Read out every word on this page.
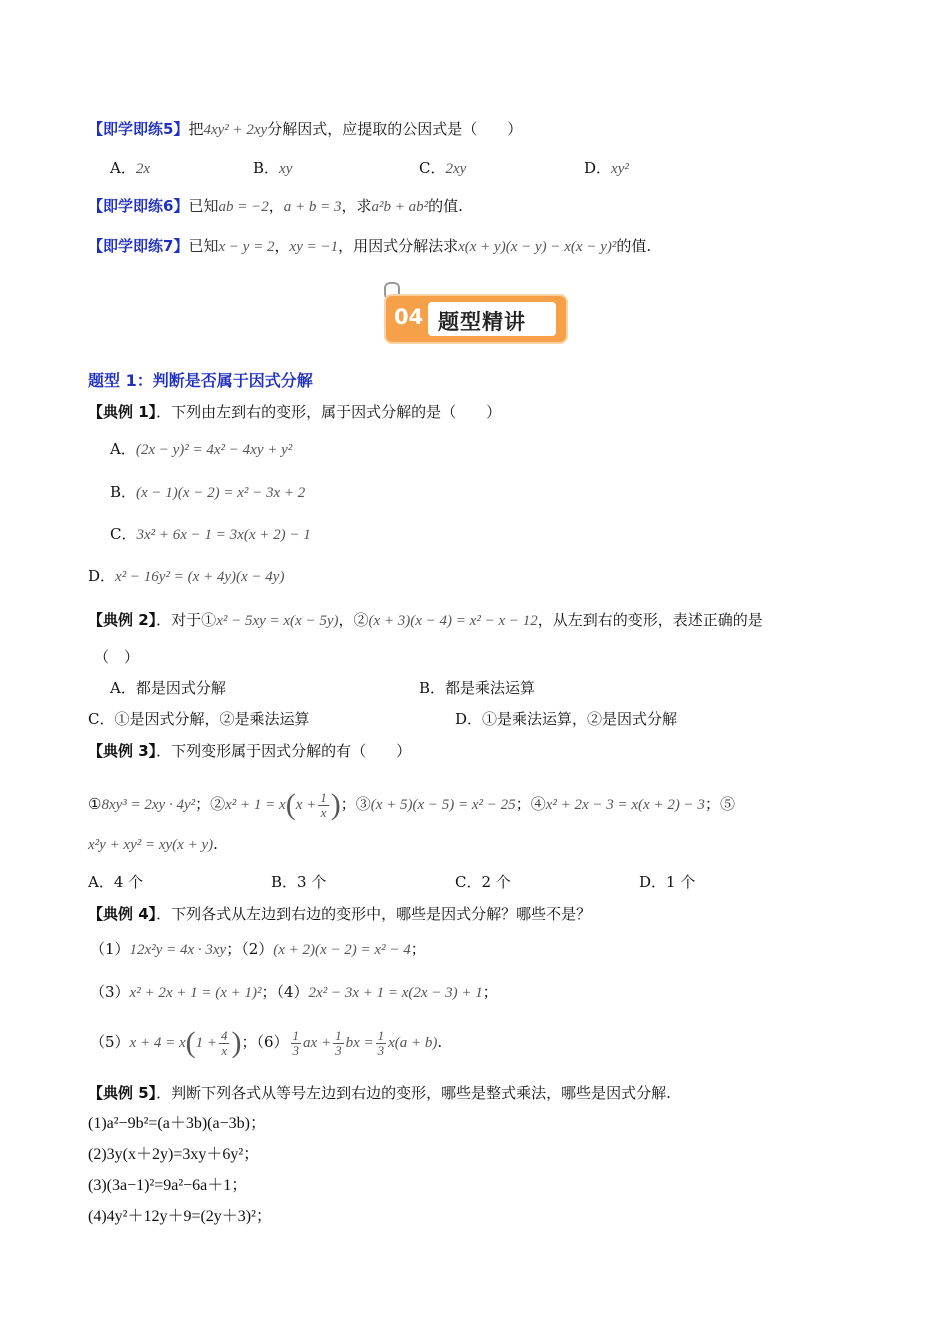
【即学即练5】把4xy² + 2xy分解因式，应提取的公因式是（　　）
A．2x	B．xy	C．2xy	D．xy²
【即学即练6】已知ab = −2，a + b = 3，求a²b + ab²的值.
【即学即练7】已知x − y = 2，xy = −1，用因式分解法求x(x + y)(x − y) − x(x − y)²的值.
04 题型精讲
题型 1：判断是否属于因式分解
【典例 1】．下列由左到右的变形，属于因式分解的是（　　）
A．(2x − y)² = 4x² − 4xy + y²
B．(x − 1)(x − 2) = x² − 3x + 2
C．3x² + 6x − 1 = 3x(x + 2) − 1
D．x² − 16y² = (x + 4y)(x − 4y)
【典例 2】．对于①x² − 5xy = x(x − 5y)，②(x + 3)(x − 4) = x² − x − 12，从左到右的变形，表述正确的是
（　）
A．都是因式分解	B．都是乘法运算
C．①是因式分解，②是乘法运算	D．①是乘法运算，②是因式分解
【典例 3】．下列变形属于因式分解的有（　　）
①8xy³ = 2xy · 4y²；②x² + $1 = x(x + \frac{1}{x}$ )；③(x + 5)(x − 5) = x² − 25；④x² + 2x − 3 = x(x + 2) − 3；⑤
x²y + xy² = xy(x + y).
A．4 个	B．3 个	C．2 个	D．1 个
【典例 4】．下列各式从左边到右边的变形中，哪些是因式分解？哪些不是？
（1）12x²y = 4x · 3xy；（2）(x + 2)(x − 2) = x² − 4；
（3）x² + 2x + 1 = (x + 1)²；（4）2x² − 3x + 1 = x(2x − 3) + 1；
$(5)x + 4 = x(1 + \frac{4}{x}$ )；$(6) \frac{1}{3}$ ax + $\frac{1}{3}$ bx = $\frac{1}{3} x(a + b)$.
【典例 5】．判断下列各式从等号左边到右边的变形，哪些是整式乘法，哪些是因式分解.
(1)a²−9b²=(a＋3b)(a−3b)；
(2)3y(x＋2y)=3xy＋6y²；
(3)(3a−1)²=9a²−6a＋1；
(4)4y²＋12y＋9=(2y＋3)²；
